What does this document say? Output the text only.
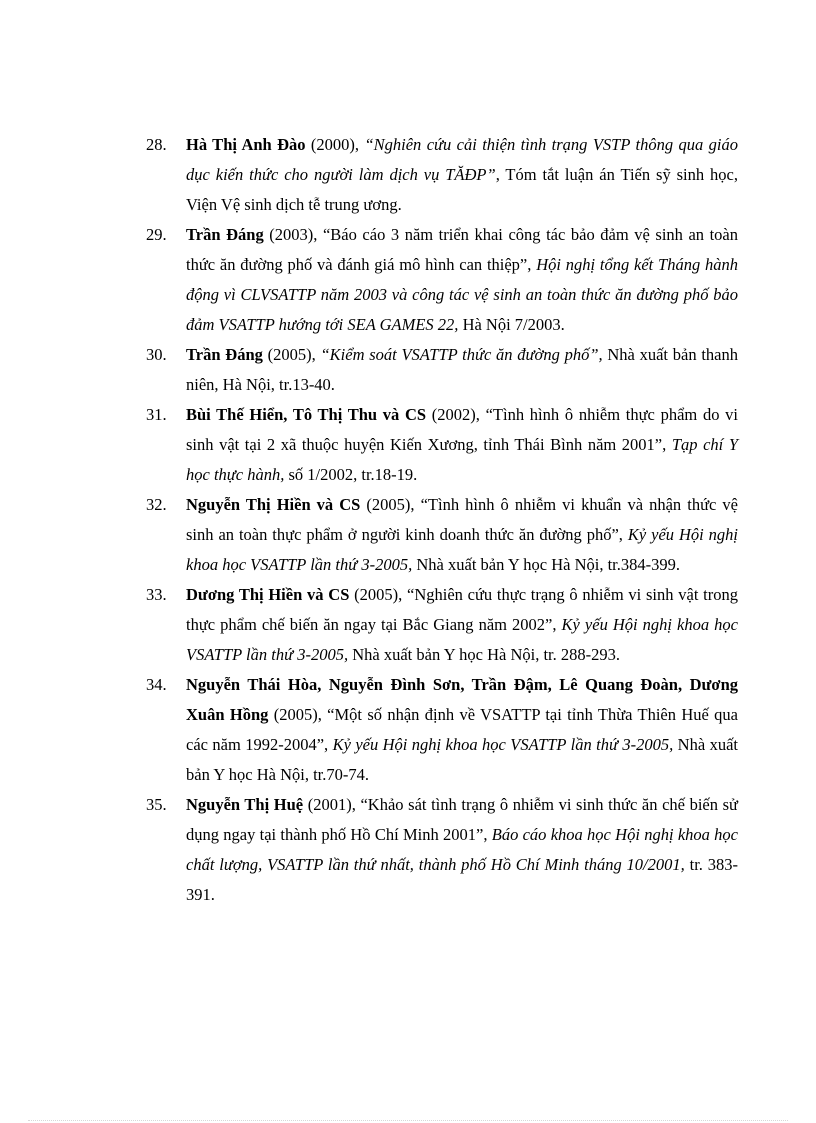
28. Hà Thị Anh Đào (2000), “Nghiên cứu cải thiện tình trạng VSTP thông qua giáo dục kiến thức cho người làm dịch vụ TĂĐP”, Tóm tắt luận án Tiến sỹ sinh học, Viện Vệ sinh dịch tễ trung ương.
29. Trần Đáng (2003), “Báo cáo 3 năm triển khai công tác bảo đảm vệ sinh an toàn thức ăn đường phố và đánh giá mô hình can thiệp”, Hội nghị tổng kết Tháng hành động vì CLVSATTP năm 2003 và công tác vệ sinh an toàn thức ăn đường phố bảo đảm VSATTP hướng tới SEA GAMES 22, Hà Nội 7/2003.
30. Trần Đáng (2005), “Kiểm soát VSATTP thức ăn đường phố”, Nhà xuất bản thanh niên, Hà Nội, tr.13-40.
31. Bùi Thế Hiển, Tô Thị Thu và CS (2002), “Tình hình ô nhiễm thực phẩm do vi sinh vật tại 2 xã thuộc huyện Kiến Xương, tỉnh Thái Bình năm 2001”, Tạp chí Y học thực hành, số 1/2002, tr.18-19.
32. Nguyễn Thị Hiền và CS (2005), “Tình hình ô nhiễm vi khuẩn và nhận thức vệ sinh an toàn thực phẩm ở người kinh doanh thức ăn đường phố”, Kỷ yếu Hội nghị khoa học VSATTP lần thứ 3-2005, Nhà xuất bản Y học Hà Nội, tr.384-399.
33. Dương Thị Hiền và CS (2005), “Nghiên cứu thực trạng ô nhiễm vi sinh vật trong thực phẩm chế biến ăn ngay tại Bắc Giang năm 2002”, Kỷ yếu Hội nghị khoa học VSATTP lần thứ 3-2005, Nhà xuất bản Y học Hà Nội, tr. 288-293.
34. Nguyễn Thái Hòa, Nguyễn Đình Sơn, Trần Đậm, Lê Quang Đoàn, Dương Xuân Hồng (2005), “Một số nhận định về VSATTP tại tỉnh Thừa Thiên Huế qua các năm 1992-2004”, Kỷ yếu Hội nghị khoa học VSATTP lần thứ 3-2005, Nhà xuất bản Y học Hà Nội, tr.70-74.
35. Nguyễn Thị Huệ (2001), “Khảo sát tình trạng ô nhiễm vi sinh thức ăn chế biến sử dụng ngay tại thành phố Hồ Chí Minh 2001”, Báo cáo khoa học Hội nghị khoa học chất lượng, VSATTP lần thứ nhất, thành phố Hồ Chí Minh tháng 10/2001, tr. 383-391.
